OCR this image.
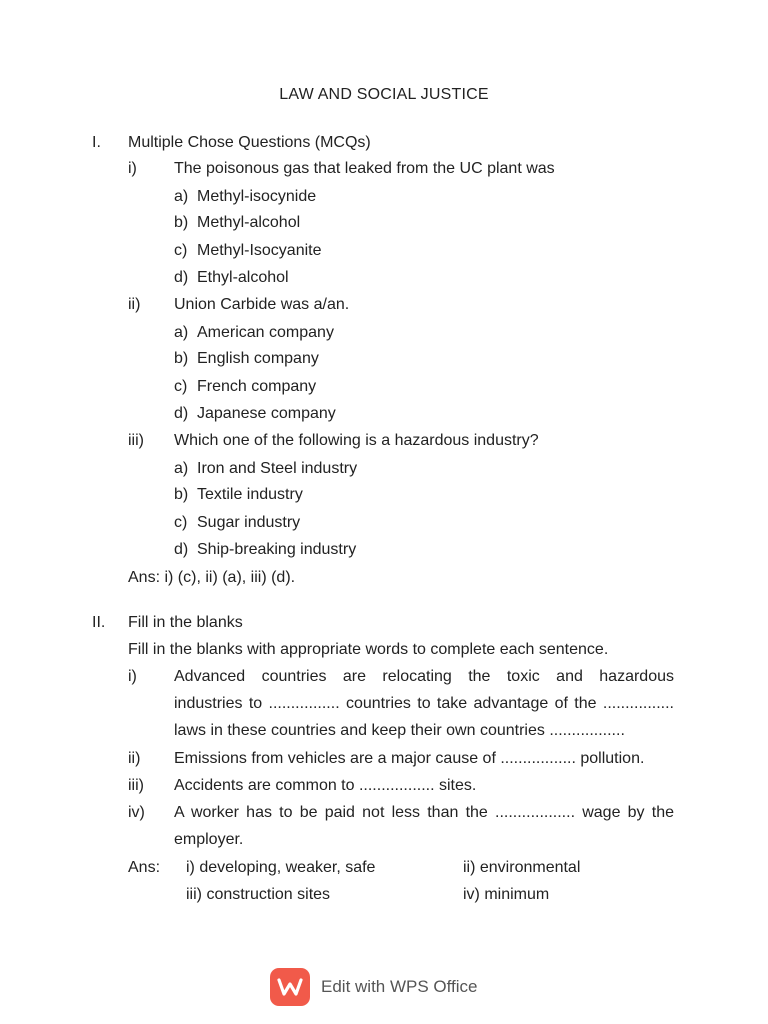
LAW AND SOCIAL JUSTICE
I. Multiple Chose Questions (MCQs)
i) The poisonous gas that leaked from the UC plant was
a) Methyl-isocynide
b) Methyl-alcohol
c) Methyl-Isocyanite
d) Ethyl-alcohol
ii) Union Carbide was a/an.
a) American company
b) English company
c) French company
d) Japanese company
iii) Which one of the following is a hazardous industry?
a) Iron and Steel industry
b) Textile industry
c) Sugar industry
d) Ship-breaking industry
Ans: i) (c), ii) (a), iii) (d).
II. Fill in the blanks
Fill in the blanks with appropriate words to complete each sentence.
i) Advanced countries are relocating the toxic and hazardous
industries to ................ countries to take advantage of the ................
laws in these countries and keep their own countries .................
ii) Emissions from vehicles are a major cause of ................. pollution.
iii) Accidents are common to ................. sites.
iv) A worker has to be paid not less than the .................. wage by the
employer.
Ans: i) developing, weaker, safe	ii) environmental
iii) construction sites	iv) minimum
Edit with WPS Office
